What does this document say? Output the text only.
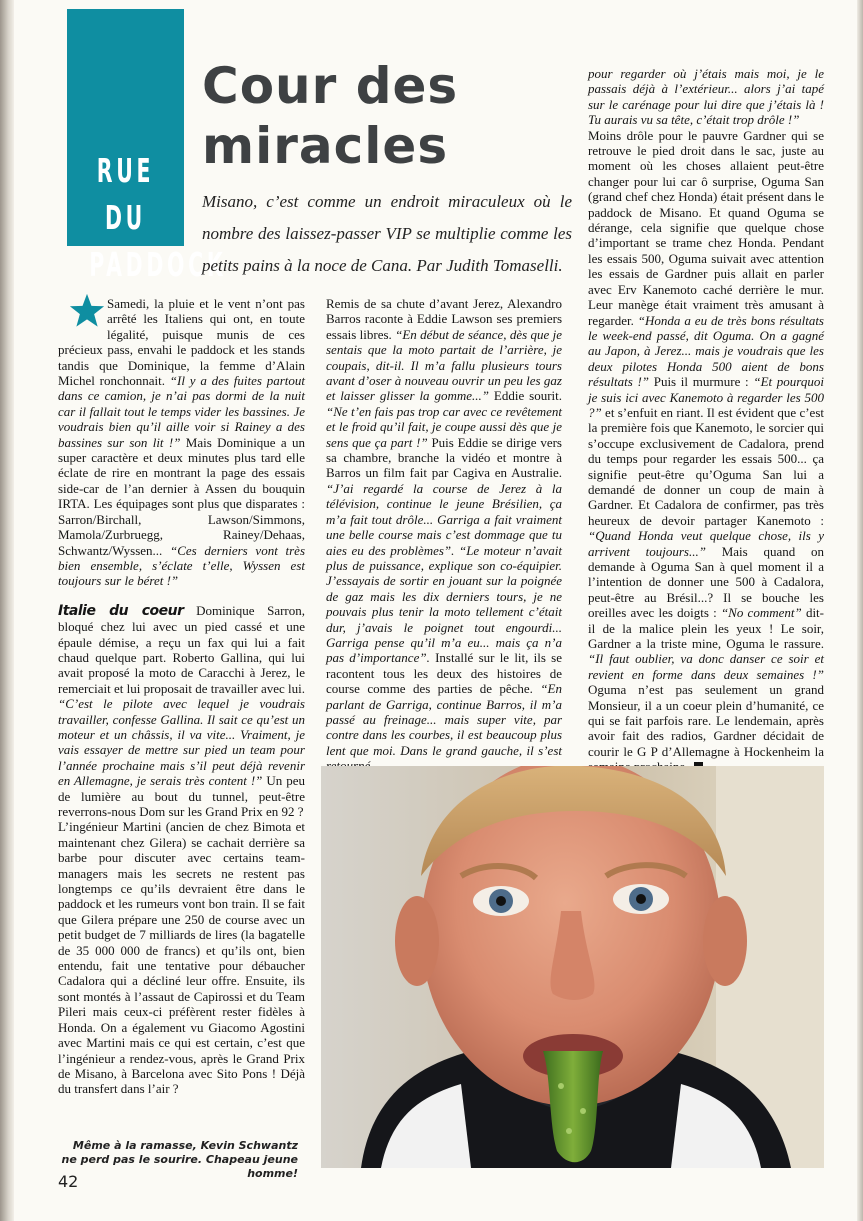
RUE DU
PADDOCK
Cour des
miracles
Misano, c’est comme un endroit miraculeux où le nombre des laissez-passer VIP se multiplie comme les petits pains à la noce de Cana. Par Judith Tomaselli.

Samedi, la pluie et le vent n’ont pas arrêté les Italiens qui ont, en toute légalité, puisque munis de ces précieux pass, envahi le paddock et les stands tandis que Dominique, la femme d’Alain Michel ronchonnait. “Il y a des fuites partout dans ce camion, je n’ai pas dormi de la nuit car il fallait tout le temps vider les bassines. Je voudrais bien qu’il aille voir si Rainey a des bassines sur son lit !” Mais Dominique a un super caractère et deux minutes plus tard elle éclate de rire en montrant la page des essais side-car de l’an dernier à Assen du bouquin IRTA. Les équipages sont plus que disparates : Sarron/Birchall, Lawson/Simmons, Mamola/Zurbruegg, Rainey/Dehaas, Schwantz/Wyssen... “Ces derniers vont très bien ensemble, s’éclate t’elle, Wyssen est toujours sur le béret !”

Italie du coeur Dominique Sarron, bloqué chez lui avec un pied cassé et une épaule démise, a reçu un fax qui lui a fait chaud quelque part. Roberto Gallina, qui lui avait proposé la moto de Caracchi à Jerez, le remerciait et lui proposait de travailler avec lui. “C’est le pilote avec lequel je voudrais travailler, confesse Gallina. Il sait ce qu’est un moteur et un châssis, il va vite... Vraiment, je vais essayer de mettre sur pied un team pour l’année prochaine mais s’il peut déjà revenir en Allemagne, je serais très content !” Un peu de lumière au bout du tunnel, peut-être reverrons-nous Dom sur les Grand Prix en 92 ?

L’ingénieur Martini (ancien de chez Bimota et maintenant chez Gilera) se cachait derrière sa barbe pour discuter avec certains team-managers mais les secrets ne restent pas longtemps ce qu’ils devraient être dans le paddock et les rumeurs vont bon train. Il se fait que Gilera prépare une 250 de course avec un petit budget de 7 milliards de lires (la bagatelle de 35 000 000 de francs) et qu’ils ont, bien entendu, fait une tentative pour débaucher Cadalora qui a décliné leur offre. Ensuite, ils sont montés à l’assaut de Capirossi et du Team Pileri mais ceux-ci préfèrent rester fidèles à Honda. On a également vu Giacomo Agostini avec Martini mais ce qui est certain, c’est que l’ingénieur a rendez-vous, après le Grand Prix de Misano, à Barcelona avec Sito Pons ! Déjà du transfert dans l’air ?

Remis de sa chute d’avant Jerez, Alexandro Barros raconte à Eddie Lawson ses premiers essais libres. “En début de séance, dès que je sentais que la moto partait de l’arrière, je coupais, dit-il. Il m’a fallu plusieurs tours avant d’oser à nouveau ouvrir un peu les gaz et laisser glisser la gomme...” Eddie sourit. “Ne t’en fais pas trop car avec ce revêtement et le froid qu’il fait, je coupe aussi dès que je sens que ça part !” Puis Eddie se dirige vers sa chambre, branche la vidéo et montre à Barros un film fait par Cagiva en Australie. “J’ai regardé la course de Jerez à la télévision, continue le jeune Brésilien, ça m’a fait tout drôle... Garriga a fait vraiment une belle course mais c’est dommage que tu aies eu des problèmes”. “Le moteur n’avait plus de puissance, explique son co-équipier. J’essayais de sortir en jouant sur la poignée de gaz mais les dix derniers tours, je ne pouvais plus tenir la moto tellement c’était dur, j’avais le poignet tout engourdi... Garriga pense qu’il m’a eu... mais ça n’a pas d’importance”. Installé sur le lit, ils se racontent tous les deux des histoires de course comme des parties de pêche. “En parlant de Garriga, continue Barros, il m’a passé au freinage... mais super vite, par contre dans les courbes, il est beaucoup plus lent que moi. Dans le grand gauche, il s’est

pour regarder où j’étais mais moi, je le passais déjà à l’extérieur... alors j’ai tapé sur le carénage pour lui dire que j’étais là ! Tu aurais vu sa tête, c’était trop drôle !”

Moins drôle pour le pauvre Gardner qui se retrouve le pied droit dans le sac, juste au moment où les choses allaient peut-être changer pour lui car ô surprise, Oguma San (grand chef chez Honda) était présent dans le paddock de Misano. Et quand Oguma se dérange, cela signifie que quelque chose d’important se trame chez Honda. Pendant les essais 500, Oguma suivait avec attention les essais de Gardner puis allait en parler avec Erv Kanemoto caché derrière le mur. Leur manège était vraiment très amusant à regarder. “Honda a eu de très bons résultats le week-end passé, dit Oguma. On a gagné au Japon, à Jerez... mais je voudrais que les deux pilotes Honda 500 aient de bons résultats !” Puis il murmure : “Et pourquoi je suis ici avec Kanemoto à regarder les 500 ?” et s’enfuit en riant. Il est évident que c’est la première fois que Kanemoto, le sorcier qui s’occupe exclusivement de Cadalora, prend du temps pour regarder les essais 500... ça signifie peut-être qu’Oguma San lui a demandé de donner un coup de main à Gardner. Et Cadalora de confirmer, pas très heureux de devoir partager Kanemoto : “Quand Honda veut quelque chose, ils y arrivent toujours...” Mais quand on demande à Oguma San à quel moment il a l’intention de donner une 500 à Cadalora, peut-être au Brésil...? Il se bouche les oreilles avec les doigts : “No comment” dit-il de la malice plein les yeux ! Le soir, Gardner a la triste mine, Oguma le rassure. “Il faut oublier, va donc danser ce soir et revient en forme dans deux semaines !” Oguma n’est pas seulement un grand Monsieur, il a un coeur plein d’humanité, ce qui se fait parfois rare. Le lendemain, après avoir fait des radios, Gardner décidait de courir le G P d’Allemagne à Hockenheim la

Même à la ramasse, Kevin Schwantz ne perd pas le sourire. Chapeau jeune homme!
42
